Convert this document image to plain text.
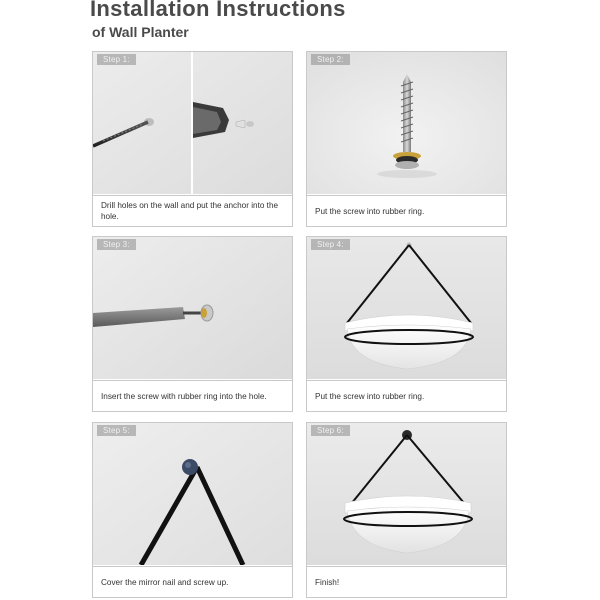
Installation Instructions
of Wall Planter
Step 1:
Drill holes on the wall and put the anchor into the hole.
Step 2:
Put the screw into rubber ring.
Step 3:
Insert the screw with rubber ring into the hole.
Step 4:
Put the screw into rubber ring.
Step 5:
Cover the mirror nail and screw up.
Step 6:
Finish!
